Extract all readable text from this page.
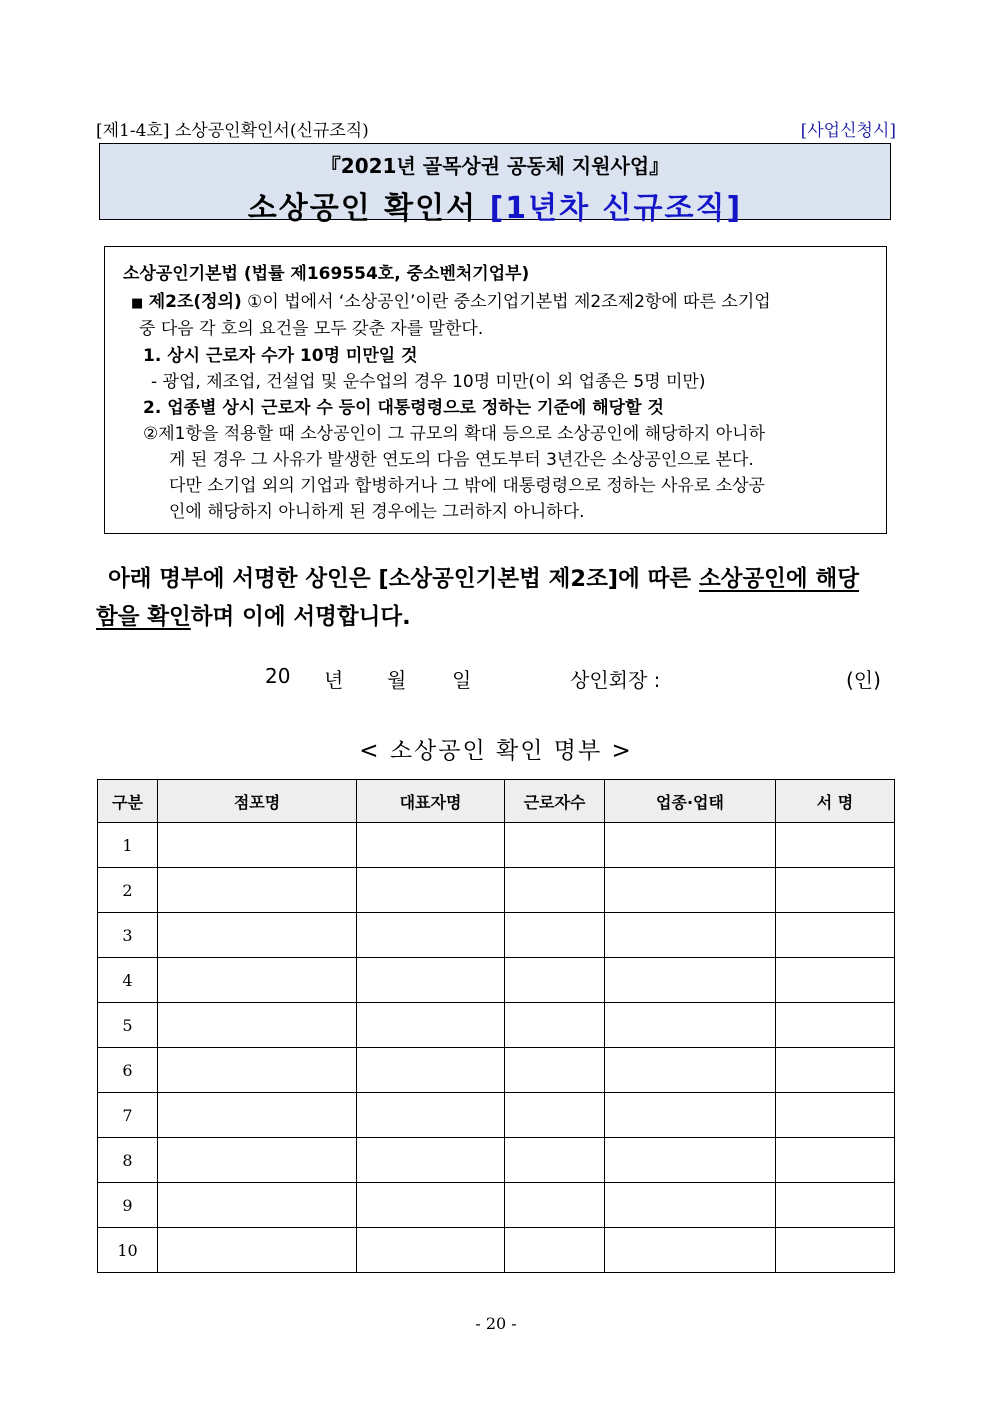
[제1-4호] 소상공인확인서(신규조직)	[사업신청시]
『2021년 골목상권 공동체 지원사업』
소상공인 확인서 [1년차 신규조직]
소상공인기본법 (법률 제169554호, 중소벤처기업부)
■ 제2조(정의) ①이 법에서 ‘소상공인’이란 중소기업기본법 제2조제2항에 따른 소기업
중 다음 각 호의 요건을 모두 갖춘 자를 말한다.
1. 상시 근로자 수가 10명 미만일 것
- 광업, 제조업, 건설업 및 운수업의 경우 10명 미만(이 외 업종은 5명 미만)
2. 업종별 상시 근로자 수 등이 대통령령으로 정하는 기준에 해당할 것
②제1항을 적용할 때 소상공인이 그 규모의 확대 등으로 소상공인에 해당하지 아니하
게 된 경우 그 사유가 발생한 연도의 다음 연도부터 3년간은 소상공인으로 본다.
다만 소기업 외의 기업과 합병하거나 그 밖에 대통령령으로 정하는 사유로 소상공
인에 해당하지 아니하게 된 경우에는 그러하지 아니하다.
아래 명부에 서명한 상인은 [소상공인기본법 제2조]에 따른 소상공인에 해당
함을 확인하며 이에 서명합니다.
20 년 월 일	상인회장 :	(인)
< 소상공인 확인 명부 >
구분	점포명	대표자명	근로자수	업종·업태	서 명
1					
2					
3					
4					
5					
6					
7					
8					
9					
10					
- 20 -
